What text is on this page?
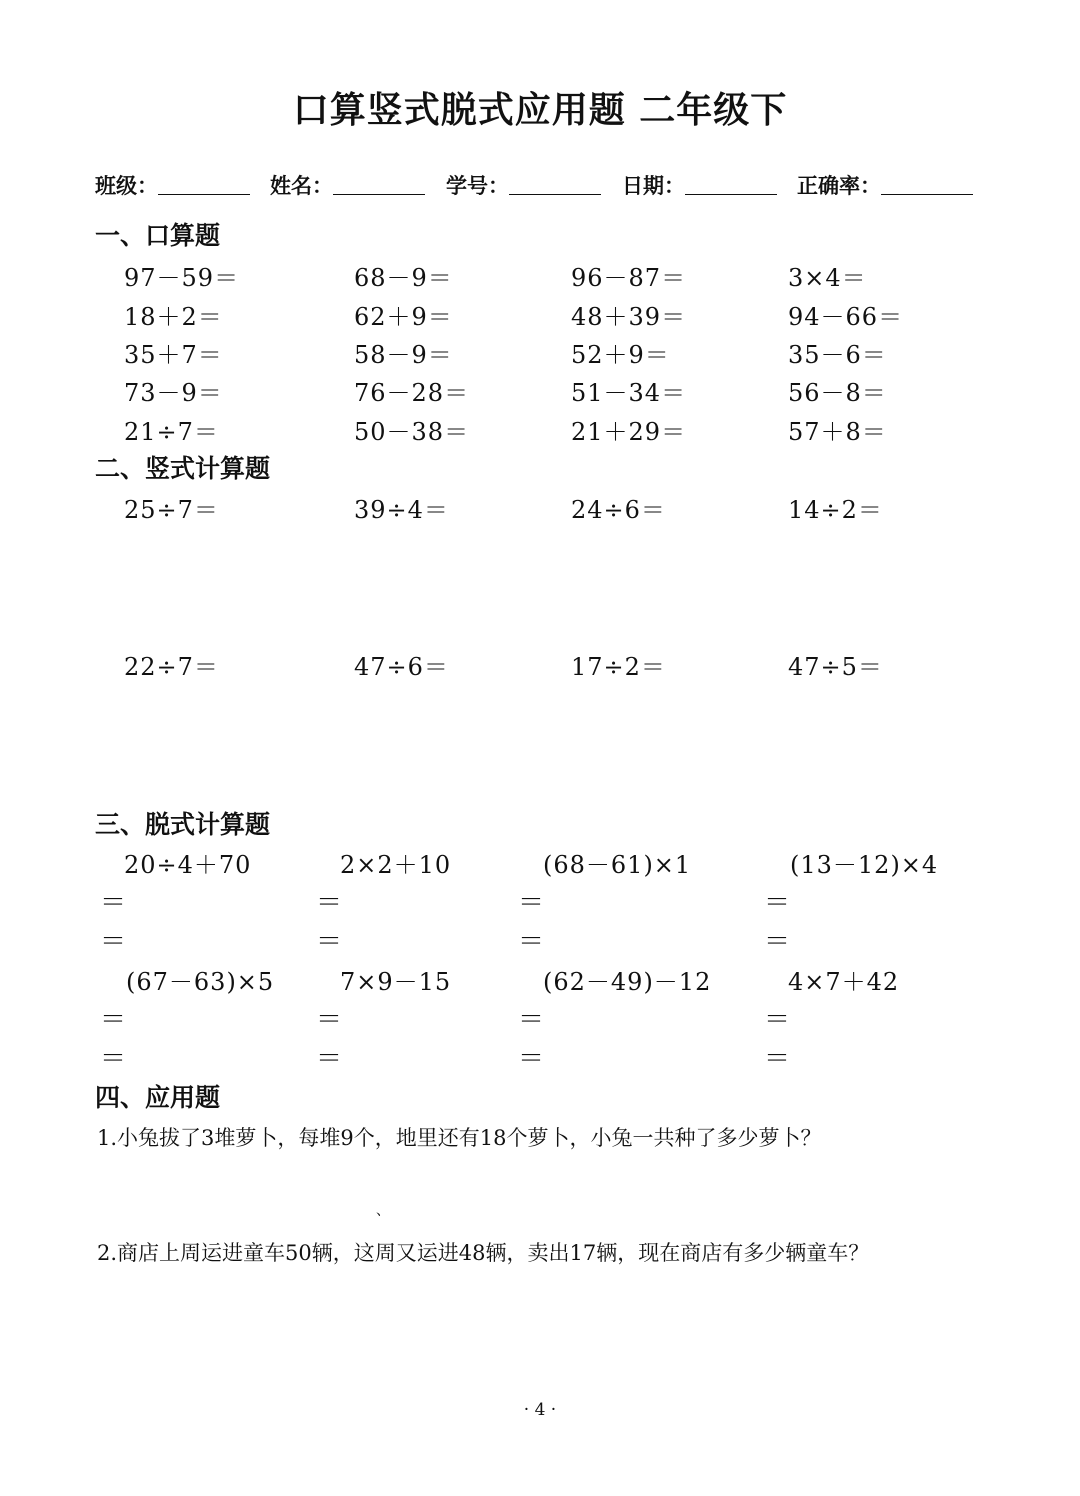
口算竖式脱式应用题 二年级下
班级：	姓名：	学号：	日期：	正确率：
一、口算题
97－59＝	68－9＝	96－87＝	3×4＝
18＋2＝	62＋9＝	48＋39＝	94－66＝
35＋7＝	58－9＝	52＋9＝	35－6＝
73－9＝	76－28＝	51－34＝	56－8＝
21÷7＝	50－38＝	21＋29＝	57＋8＝
二、竖式计算题
25÷7＝	39÷4＝	24÷6＝	14÷2＝
22÷7＝	47÷6＝	17÷2＝	47÷5＝
三、脱式计算题
20÷4＋70	2×2＋10	(68－61)×1	(13－12)×4
＝	＝	＝	＝
＝	＝	＝	＝
(67－63)×5	7×9－15	(62－49)－12	4×7＋42
＝	＝	＝	＝
＝	＝	＝	＝
四、应用题
1.小兔拔了3堆萝卜，每堆9个，地里还有18个萝卜，小兔一共种了多少萝卜？
、
2.商店上周运进童车50辆，这周又运进48辆，卖出17辆，现在商店有多少辆童车？
· 4 ·
